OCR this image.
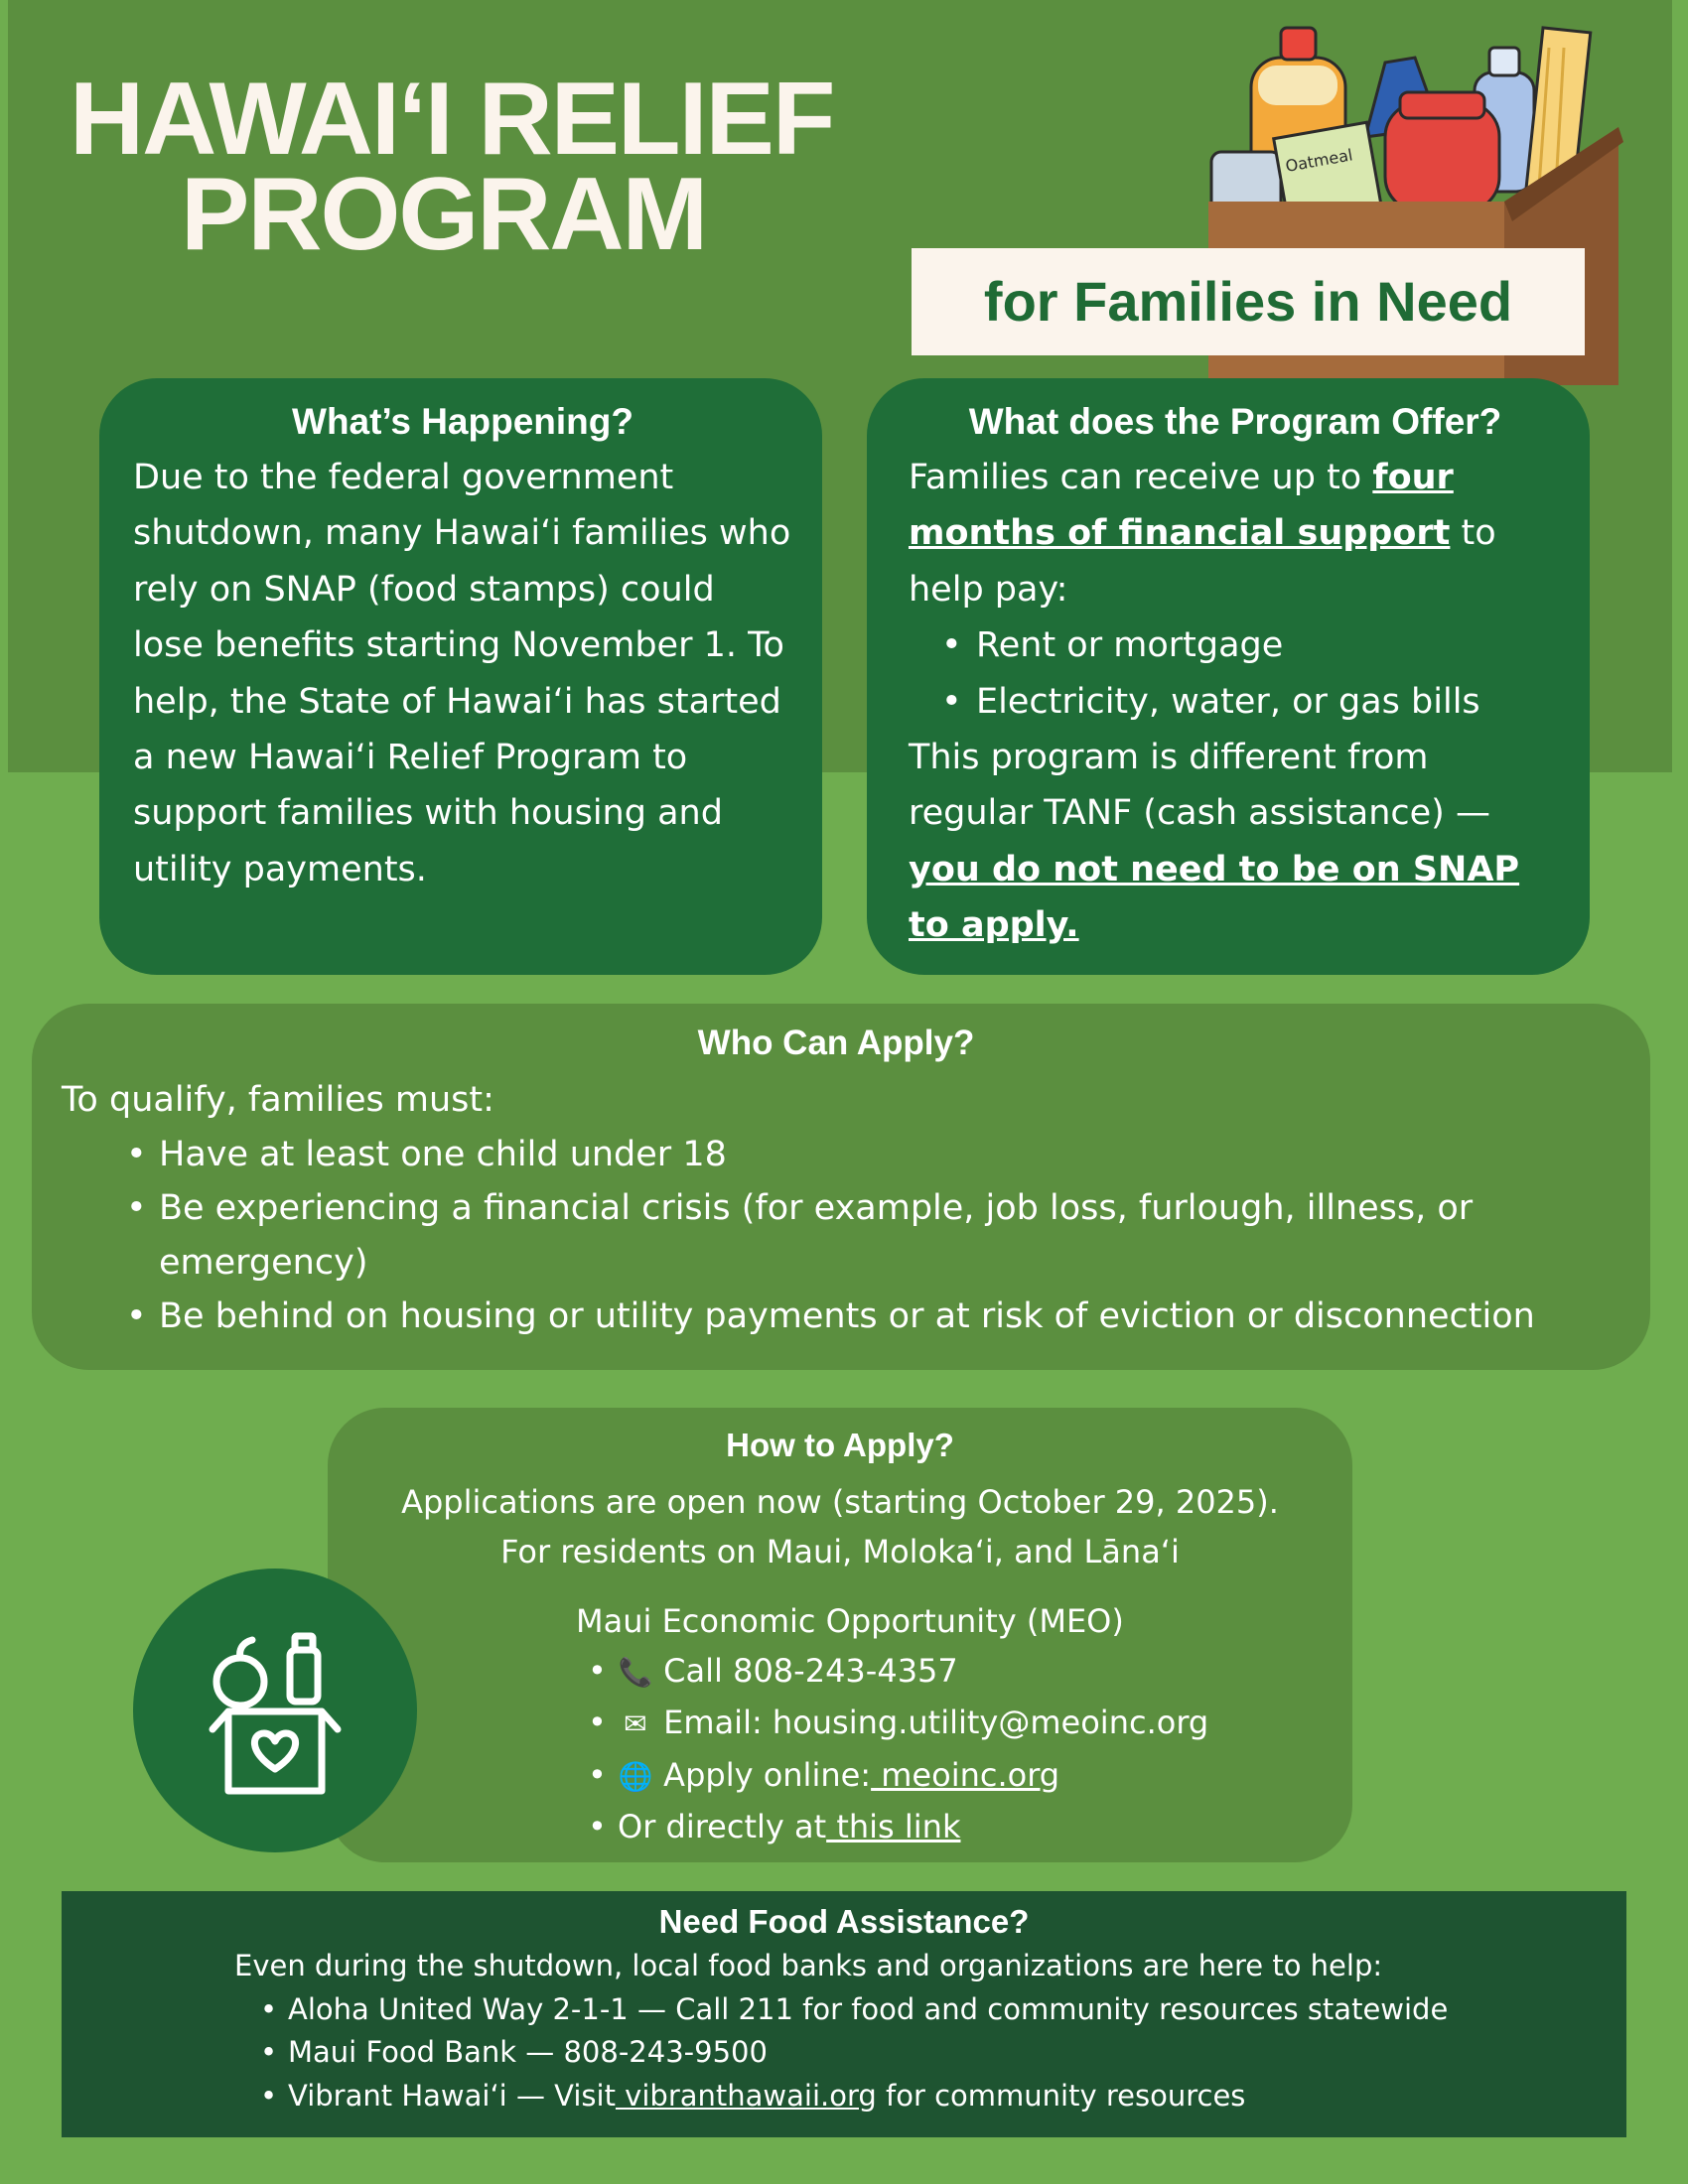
HAWAIʻI RELIEF
PROGRAM	Oatmeal
for Families in Need
What’s Happening?

Due to the federal government shutdown, many Hawaiʻi families who rely on SNAP (food stamps) could lose benefits starting November 1. To help, the State of Hawaiʻi has started a new Hawaiʻi Relief Program to support families with housing and utility payments.

What does the Program Offer?

Families can receive up to four months of financial support to help pay:

• Rent or mortgage
• Electricity, water, or gas bills

This program is different from regular TANF (cash assistance) — you do not need to be on SNAP to apply.

Who Can Apply?

To qualify, families must:

• Have at least one child under 18
• Be experiencing a financial crisis (for example, job loss, furlough, illness, or emergency)
• Be behind on housing or utility payments or at risk of eviction or disconnection
How to Apply?

Applications are open now (starting October 29, 2025).

For residents on Maui, Molokaʻi, and Lānaʻi

Maui Economic Opportunity (MEO)

• 📞 Call 808-243-4357
• ✉ Email: housing.utility@meoinc.org
• 🌐 Apply online: meoinc.org
• Or directly at this link
Need Food Assistance?

Even during the shutdown, local food banks and organizations are here to help:

• Aloha United Way 2-1-1 — Call 211 for food and community resources statewide
• Maui Food Bank — 808-243-9500
• Vibrant Hawaiʻi — Visit vibranthawaii.org for community resources
